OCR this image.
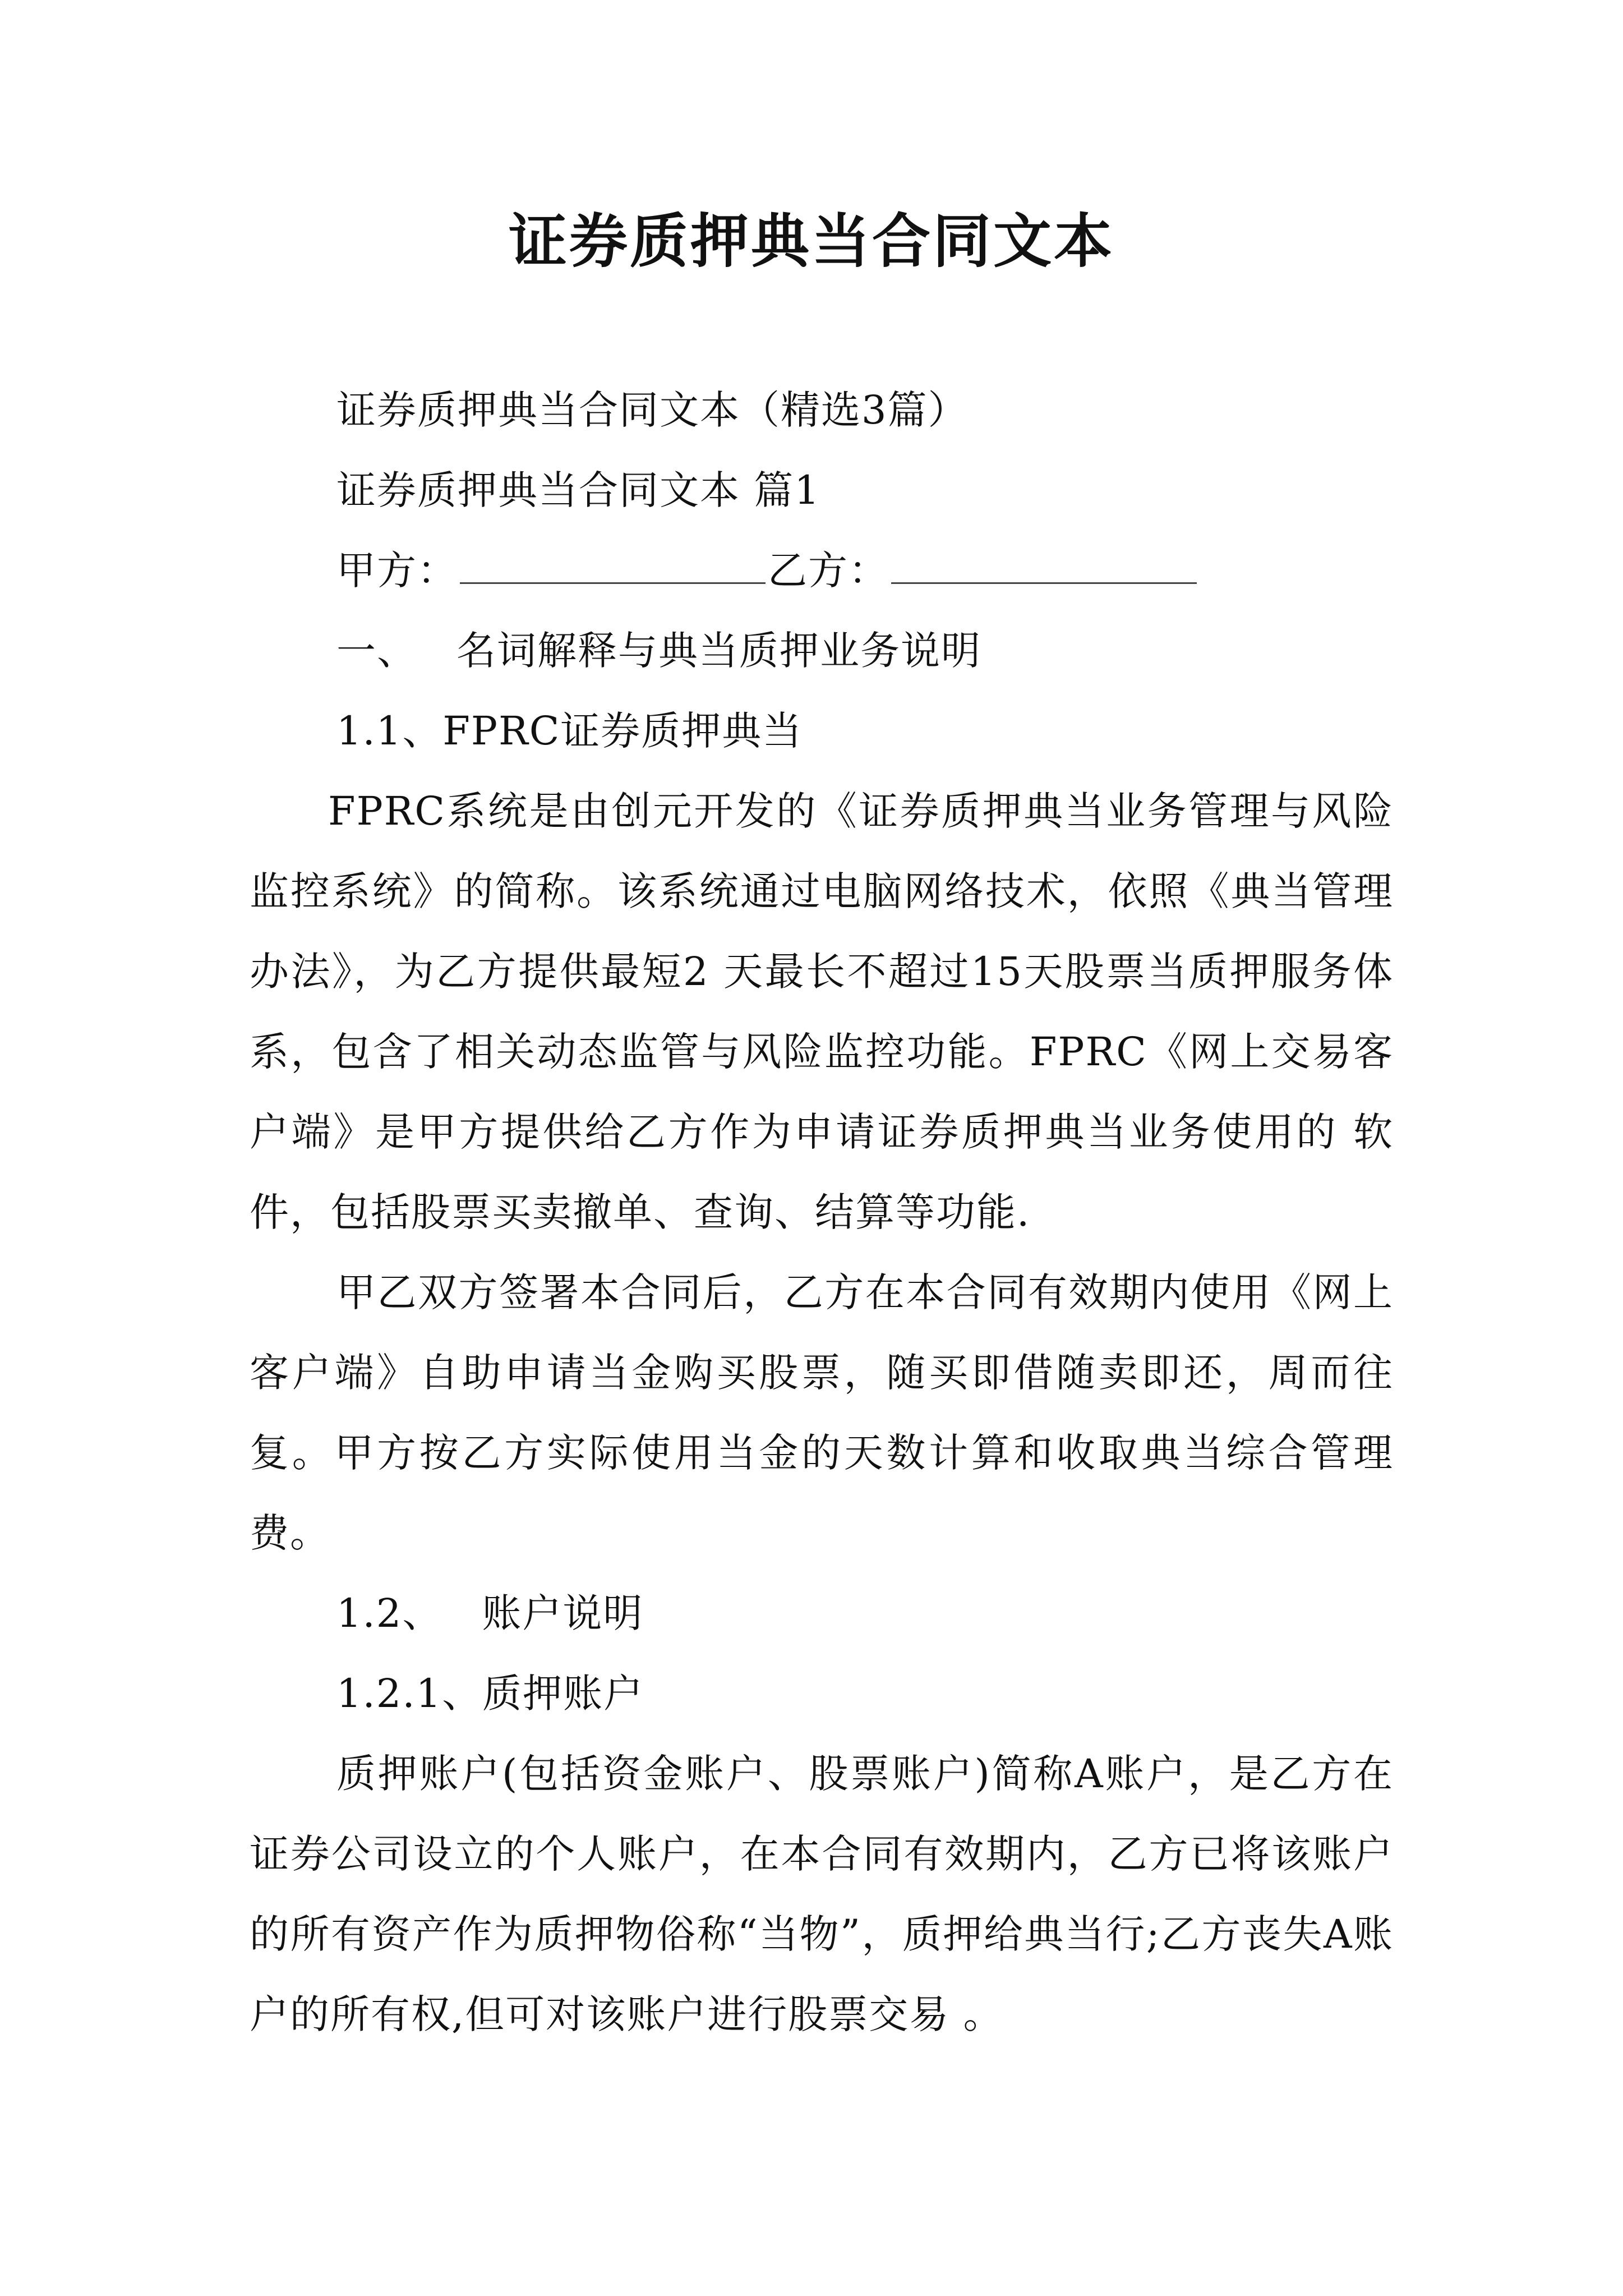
证券质押典当合同文本

证券质押典当合同文本（精选3篇）

证券质押典当合同文本 篇1

甲方：	乙方：

一、 名词解释与典当质押业务说明

1.1、FPRC证券质押典当

FPRC系统是由创元开发的《证券质押典当业务管理与风险监控系统》的简称。该系统通过电脑网络技术，依照《典当管理办法》，为乙方提供最短2 天最长不超过15天股票当质押服务体系，包含了相关动态监管与风险监控功能。FPRC《网上交易客户端》是甲方提供给乙方作为申请证券质押典当业务使用的 软件，包括股票买卖撤单、查询、结算等功能.

甲乙双方签署本合同后，乙方在本合同有效期内使用《网上客户端》自助申请当金购买股票，随买即借随卖即还，周而往复。甲方按乙方实际使用当金的天数计算和收取典当综合管理费。

1.2、 账户说明

1.2.1、质押账户

质押账户(包括资金账户、股票账户)简称A账户，是乙方在证券公司设立的个人账户，在本合同有效期内，乙方已将该账户的所有资产作为质押物俗称“当物”，质押给典当行;乙方丧失A账户的所有权,但可对该账户进行股票交易 。
